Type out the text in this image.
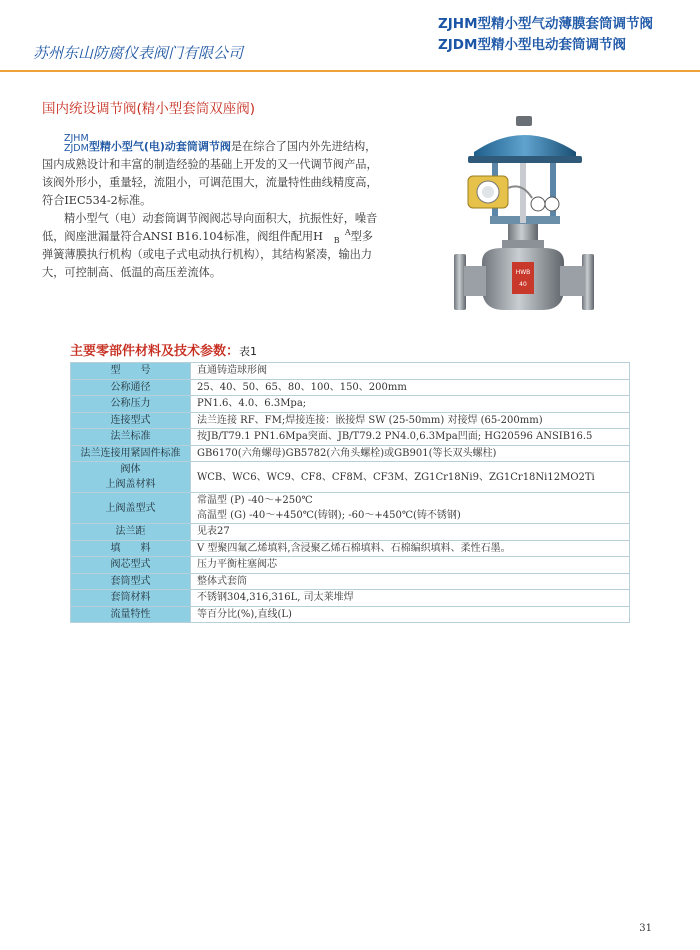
苏州东山防腐仪表阀门有限公司
ZJHM型精小型气动薄膜套筒调节阀
ZJDM型精小型电动套筒调节阀
国内统设调节阀(精小型套筒双座阀)

ZJHM
ZJDM型精小型气(电)动套筒调节阀是在综合了国内外先进结构，国内成熟设计和丰富的制造经验的基础上开发的又一代调节阀产品，该阀外形小，重量轻，流阻小，可调范围大，流量特性曲线精度高，符合IEC534-2标准。

精小型气（电）动套筒调节阀阀芯导向面积大，抗振性好，噪音低，阀座泄漏量符合ANSI B16.104标准，阀组件配用H	A
B 型多弹簧薄膜执行机构（或电子式电动执行机构），其结构紧凑，输出力大，可控制高、低温的高压差流体。	HWB
40
主要零部件材料及技术参数：表1
型　　号	直通铸造球形阀
公称通径	25、40、50、65、80、100、150、200mm
公称压力	PN1.6、4.0、6.3Mpa;
连接型式	法兰连接 RF、FM;焊接连接：嵌接焊 SW (25-50mm) 对接焊 (65-200mm)
法兰标准	按JB/T79.1 PN1.6Mpa突面、JB/T79.2 PN4.0,6.3Mpa凹面; HG20596 ANSIB16.5
法兰连接用紧固件标准	GB6170(六角螺母)GB5782(六角头螺栓)或GB901(等长双头螺柱)
阀体
上阀盖材料	WCB、WC6、WC9、CF8、CF8M、CF3M、ZG1Cr18Ni9、ZG1Cr18Ni12MO2Ti
上阀盖型式	常温型 (P) -40～+250℃
高温型 (G) -40～+450℃(铸钢); -60～+450℃(铸不锈钢)
法兰距	见表27
填　　料	V 型聚四氟乙烯填料,含浸聚乙烯石棉填料、石棉编织填料、柔性石墨。
阀芯型式	压力平衡柱塞阀芯
套筒型式	整体式套筒
套筒材料	不锈钢304,316,316L, 司太莱堆焊
流量特性	等百分比(%),直线(L)
31
